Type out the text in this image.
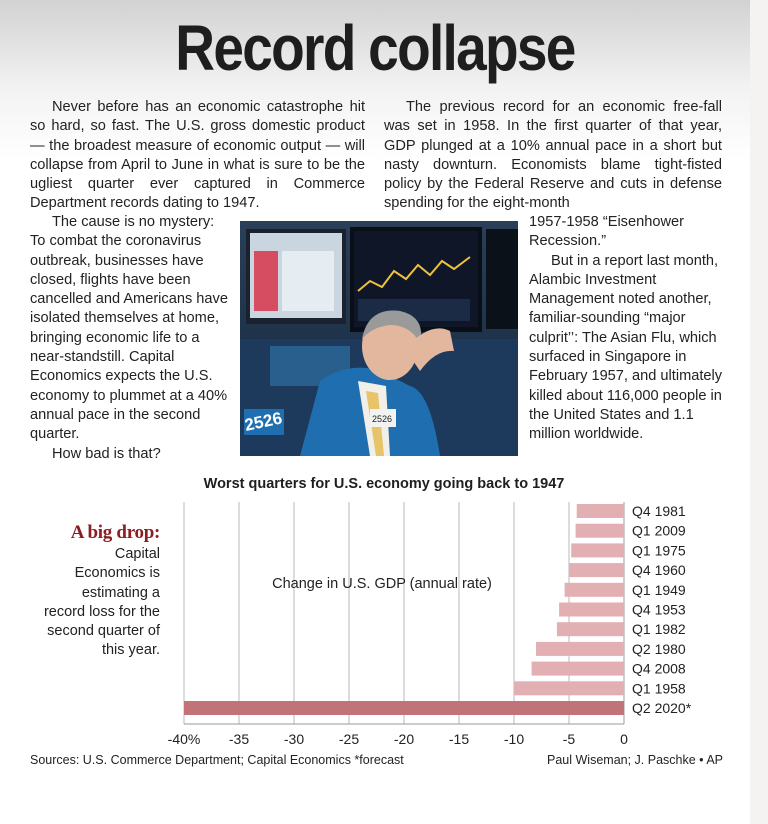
Record collapse

Never before has an economic catastrophe hit so hard, so fast. The U.S. gross domestic product — the broadest measure of economic output — will collapse from April to June in what is sure to be the ugliest quarter ever captured in Commerce Department records dating to 1947.

The cause is no mystery: To combat the coronavirus outbreak, businesses have closed, flights have been cancelled and Americans have isolated themselves at home, bringing economic life to a near-standstill. Capital Economics expects the U.S. economy to plummet at a 40% annual pace in the second quarter.

How bad is that?

The previous record for an economic free-fall was set in 1958. In the first quarter of that year, GDP plunged at a 10% annual pace in a short but nasty downturn. Economists blame tight-fisted policy by the Federal Reserve and cuts in defense spending for the eight-month

1957-1958 “Eisenhower Recession.”

But in a report last month, Alambic Investment Management noted another, familiar-sounding “major culprit’’: The Asian Flu, which surfaced in Singapore in February 1957, and ultimately killed about 116,000 people in the United States and 1.1 million worldwide.

2526	2526
Worst quarters for U.S. economy going back to 1947
A big drop:
Capital Economics is estimating a record loss for the second quarter of this year.
Q4 1981
Q1 2009
Q1 1975
Q4 1960
Q1 1949
Q4 1953
Q1 1982
Q2 1980
Q4 2008
Q1 1958
Q2 2020*
-40% -35 -30 -25 -20 -15 -10	-5	0
Change in U.S. GDP (annual rate)
Sources: U.S. Commerce Department; Capital Economics *forecast	Paul Wiseman; J. Paschke • AP
